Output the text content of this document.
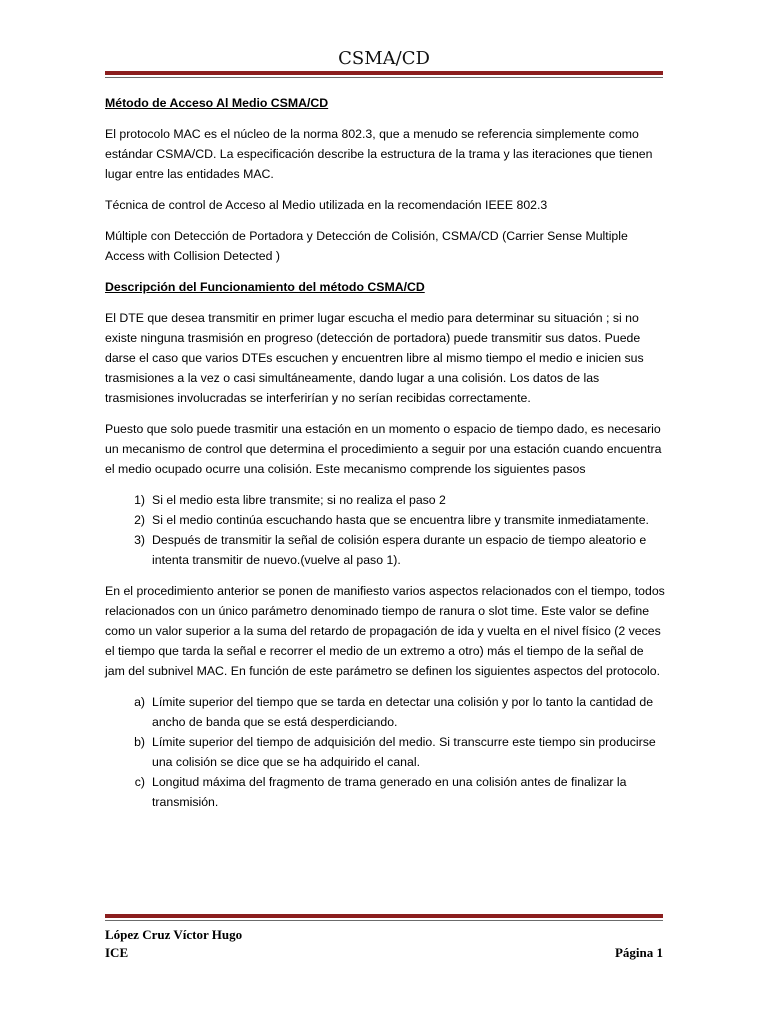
CSMA/CD

Método de Acceso Al Medio CSMA/CD

El protocolo MAC es el núcleo de la norma 802.3, que a menudo se referencia simplemente como estándar CSMA/CD. La especificación describe la estructura de la trama y las iteraciones que tienen lugar entre las entidades MAC.

Técnica de control de Acceso al Medio utilizada en la recomendación IEEE 802.3

Múltiple con Detección de Portadora y Detección de Colisión, CSMA/CD (Carrier Sense Multiple Access with Collision Detected )

Descripción del Funcionamiento del método CSMA/CD

El DTE que desea transmitir en primer lugar escucha el medio para determinar su situación ; si no existe ninguna trasmisión en progreso (detección de portadora) puede transmitir sus datos. Puede darse el caso que varios DTEs escuchen y encuentren libre al mismo tiempo el medio e inicien sus trasmisiones a la vez o casi simultáneamente, dando lugar a una colisión. Los datos de las trasmisiones involucradas se interferirían y no serían recibidas correctamente.

Puesto que solo puede trasmitir una estación en un momento o espacio de tiempo dado, es necesario un mecanismo de control que determina el procedimiento a seguir por una estación cuando encuentra el medio ocupado ocurre una colisión. Este mecanismo comprende los siguientes pasos

1) Si el medio esta libre transmite; si no realiza el paso 2
2) Si el medio continúa escuchando hasta que se encuentra libre y transmite inmediatamente.
3) Después de transmitir la señal de colisión espera durante un espacio de tiempo aleatorio e intenta transmitir de nuevo.(vuelve al paso 1).

En el procedimiento anterior se ponen de manifiesto varios aspectos relacionados con el tiempo, todos relacionados con un único parámetro denominado tiempo de ranura o slot time. Este valor se define como un valor superior a la suma del retardo de propagación de ida y vuelta en el nivel físico (2 veces el tiempo que tarda la señal e recorrer el medio de un extremo a otro) más el tiempo de la señal de jam del subnivel MAC. En función de este parámetro se definen los siguientes aspectos del protocolo.

a) Límite superior del tiempo que se tarda en detectar una colisión y por lo tanto la cantidad de ancho de banda que se está desperdiciando.
b) Límite superior del tiempo de adquisición del medio. Si transcurre este tiempo sin producirse una colisión se dice que se ha adquirido el canal.
c) Longitud máxima del fragmento de trama generado en una colisión antes de finalizar la transmisión.
López Cruz Víctor Hugo
ICE	Página 1
